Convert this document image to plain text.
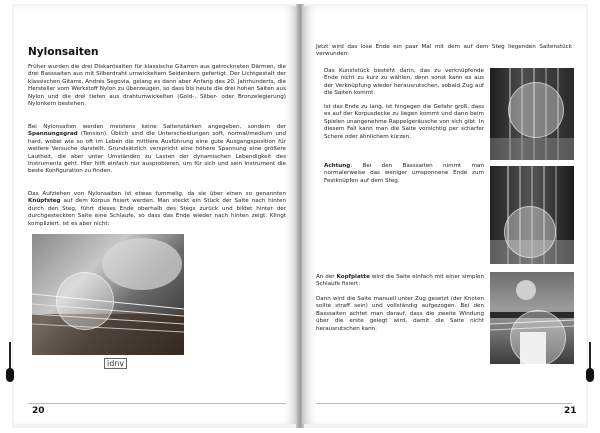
Nylonsaiten
Früher wurden die drei Diskantsaiten für klassische Gitarren aus getrockneten Därmen, die drei Basssaiten aus mit Silberdraht umwickeltem Seidenkern gefertigt. Der Lichtgestalt der klassischen Gitarre, Andrés Segovia, gelang es dann aber Anfang des 20. Jahrhunderts, die Hersteller vom Werkstoff Nylon zu überzeugen, so dass bis heute die drei hohen Saiten aus Nylon und die drei tiefen aus drahtumwickelten (Gold-, Silber- oder Bronzelegierung) Nylonkern bestehen.
Bei Nylonsaiten werden meistens keine Saitenstärken angegeben, sondern der Spannungsgrad (Tension). Üblich sind die Unterscheidungen soft, normal/medium und hard, wobei wie so oft im Leben die mittlere Ausführung eine gute Ausgangsposition für weitere Versuche darstellt. Grundsätzlich verspricht eine höhere Spannung eine größere Lautheit, die aber unter Umständen zu Lasten der dynamischen Lebendigkeit des Instruments geht. Hier hilft einfach nur ausprobieren, um für sich und sein Instrument die beste Konfiguration zu finden.
Das Aufziehen von Nylonsaiten ist etwas fummelig, da sie über einen so genannten Knüpfsteg auf dem Korpus fixiert werden. Man steckt ein Stück der Saite nach hinten durch den Steg, führt dieses Ende oberhalb des Stegs zurück und bildet hinter der durchgesteckten Saite eine Schlaufe, so dass das Ende wieder nach hinten zeigt. Klingt kompliziert, ist es aber nicht:
idnv
20
Jetzt wird das lose Ende ein paar Mal mit dem auf dem Steg liegenden Saitenstück verwunden:
Das Kunststück besteht darin, das zu verknüpfende Ende nicht zu kurz zu wählen, denn sonst kann es aus der Verknüpfung wieder herausrutschen, sobald Zug auf die Saiten kommt.
Ist das Ende zu lang, ist hingegen die Gefahr groß, dass es auf der Korpusdecke zu liegen kommt und dann beim Spielen unangenehme Rappelgeräusche von sich gibt. In diesem Fall kann man die Saite vorsichtig per scharfer Schere oder ähnlichem kürzen.
Achtung: Bei den Basssaiten nimmt man normalerweise das weniger umsponnene Ende zum Festknüpfen auf dem Steg.
An der Kopfplatte wird die Saite einfach mit einer simplen Schlaufe fixiert:
Dann wird die Saite manuell unter Zug gesetzt (der Knoten sollte straff sein) und vollständig aufgezogen. Bei den Basssaiten achtet man darauf, dass die zweite Windung über die erste gelegt wird, damit die Saite nicht herausrutschen kann.
21
